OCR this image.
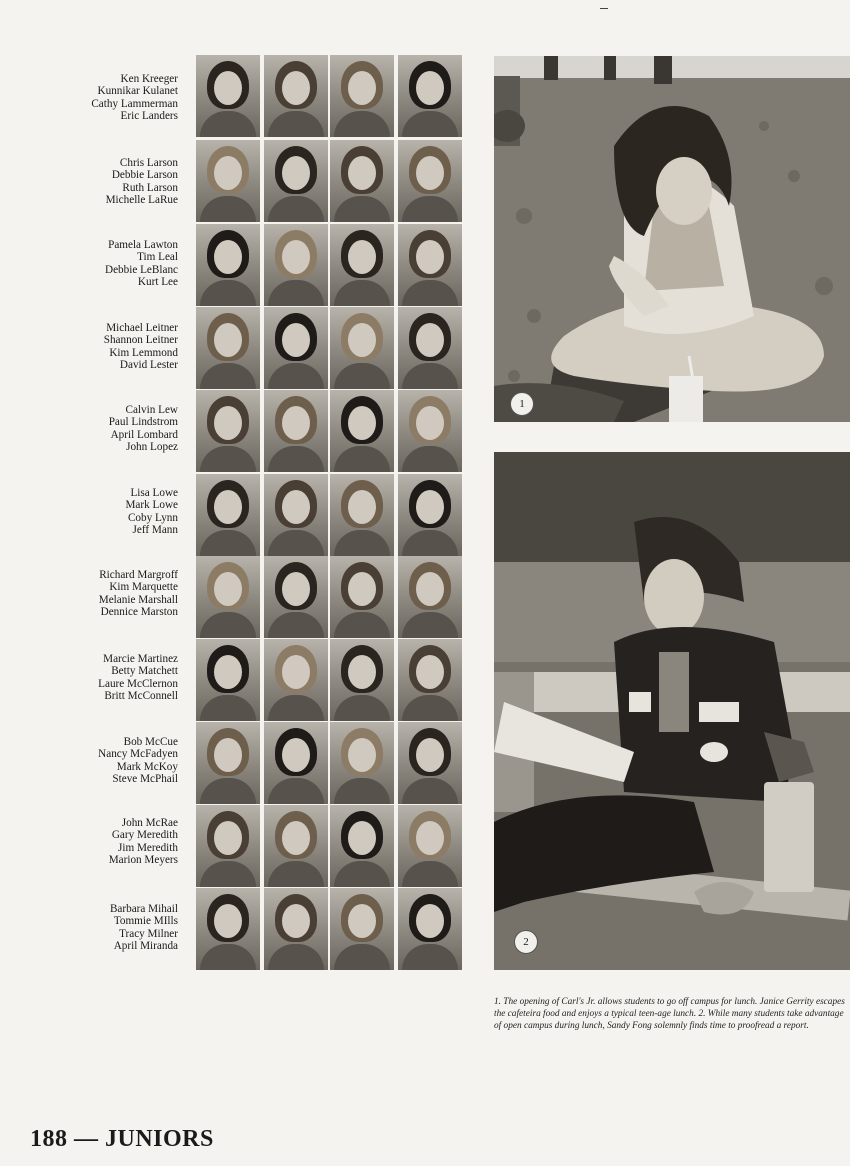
Ken Kreeger
Kunnikar Kulanet
Cathy Lammerman
Eric Landers
Chris Larson
Debbie Larson
Ruth Larson
Michelle LaRue
Pamela Lawton
Tim Leal
Debbie LeBlanc
Kurt Lee
Michael Leitner
Shannon Leitner
Kim Lemmond
David Lester
Calvin Lew
Paul Lindstrom
April Lombard
John Lopez
Lisa Lowe
Mark Lowe
Coby Lynn
Jeff Mann
Richard Margroff
Kim Marquette
Melanie Marshall
Dennice Marston
Marcie Martinez
Betty Matchett
Laure McClernon
Britt McConnell
Bob McCue
Nancy McFadyen
Mark McKoy
Steve McPhail
John McRae
Gary Meredith
Jim Meredith
Marion Meyers
Barbara Mihail
Tommie MIlls
Tracy Milner
April Miranda
1
2
1. The opening of Carl's Jr. allows students to go off campus for lunch. Janice Gerrity escapes the cafeteira food and enjoys a typical teen-age lunch. 2. While many students take advantage of open campus during lunch, Sandy Fong solemnly finds time to proofread a report.
188 — JUNIORS
